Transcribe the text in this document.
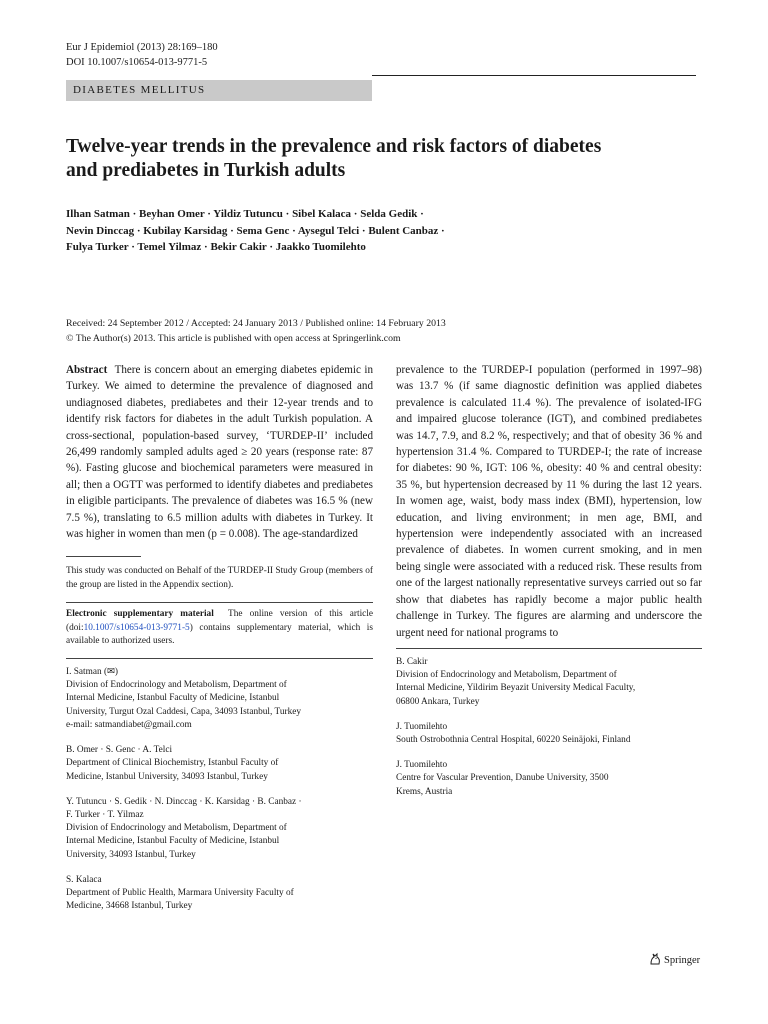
Eur J Epidemiol (2013) 28:169–180
DOI 10.1007/s10654-013-9771-5
DIABETES MELLITUS
Twelve-year trends in the prevalence and risk factors of diabetes
and prediabetes in Turkish adults
Ilhan Satman · Beyhan Omer · Yildiz Tutuncu · Sibel Kalaca · Selda Gedik ·
Nevin Dinccag · Kubilay Karsidag · Sema Genc · Aysegul Telci · Bulent Canbaz ·
Fulya Turker · Temel Yilmaz · Bekir Cakir · Jaakko Tuomilehto
Received: 24 September 2012 / Accepted: 24 January 2013 / Published online: 14 February 2013
© The Author(s) 2013. This article is published with open access at Springerlink.com
Abstract There is concern about an emerging diabetes epidemic in Turkey. We aimed to determine the prevalence of diagnosed and undiagnosed diabetes, prediabetes and their 12-year trends and to identify risk factors for diabetes in the adult Turkish population. A cross-sectional, population-based survey, ‘TURDEP-II’ included 26,499 randomly sampled adults aged ≥ 20 years (response rate: 87 %). Fasting glucose and biochemical parameters were measured in all; then a OGTT was performed to identify diabetes and prediabetes in eligible participants. The prevalence of diabetes was 16.5 % (new 7.5 %), translating to 6.5 million adults with diabetes in Turkey. It was higher in women than men (p = 0.008). The age-standardized
This study was conducted on Behalf of the TURDEP-II Study Group (members of the group are listed in the Appendix section).
Electronic supplementary material The online version of this article (doi:10.1007/s10654-013-9771-5) contains supplementary material, which is available to authorized users.
I. Satman (✉)
Division of Endocrinology and Metabolism, Department of
Internal Medicine, Istanbul Faculty of Medicine, Istanbul
University, Turgut Ozal Caddesi, Capa, 34093 Istanbul, Turkey
e-mail: satmandiabet@gmail.com
B. Omer · S. Genc · A. Telci
Department of Clinical Biochemistry, Istanbul Faculty of
Medicine, Istanbul University, 34093 Istanbul, Turkey
Y. Tutuncu · S. Gedik · N. Dinccag · K. Karsidag · B. Canbaz ·
F. Turker · T. Yilmaz
Division of Endocrinology and Metabolism, Department of
Internal Medicine, Istanbul Faculty of Medicine, Istanbul
University, 34093 Istanbul, Turkey
S. Kalaca
Department of Public Health, Marmara University Faculty of
Medicine, 34668 Istanbul, Turkey
prevalence to the TURDEP-I population (performed in 1997–98) was 13.7 % (if same diagnostic definition was applied diabetes prevalence is calculated 11.4 %). The prevalence of isolated-IFG and impaired glucose tolerance (IGT), and combined prediabetes was 14.7, 7.9, and 8.2 %, respectively; and that of obesity 36 % and hypertension 31.4 %. Compared to TURDEP-I; the rate of increase for diabetes: 90 %, IGT: 106 %, obesity: 40 % and central obesity: 35 %, but hypertension decreased by 11 % during the last 12 years. In women age, waist, body mass index (BMI), hypertension, low education, and living environment; in men age, BMI, and hypertension were independently associated with an increased prevalence of diabetes. In women current smoking, and in men being single were associated with a reduced risk. These results from one of the largest nationally representative surveys carried out so far show that diabetes has rapidly become a major public health challenge in Turkey. The figures are alarming and underscore the urgent need for national programs to
B. Cakir
Division of Endocrinology and Metabolism, Department of
Internal Medicine, Yildirim Beyazit University Medical Faculty,
06800 Ankara, Turkey
J. Tuomilehto
South Ostrobothnia Central Hospital, 60220 Seinäjoki, Finland
J. Tuomilehto
Centre for Vascular Prevention, Danube University, 3500
Krems, Austria
Springer
